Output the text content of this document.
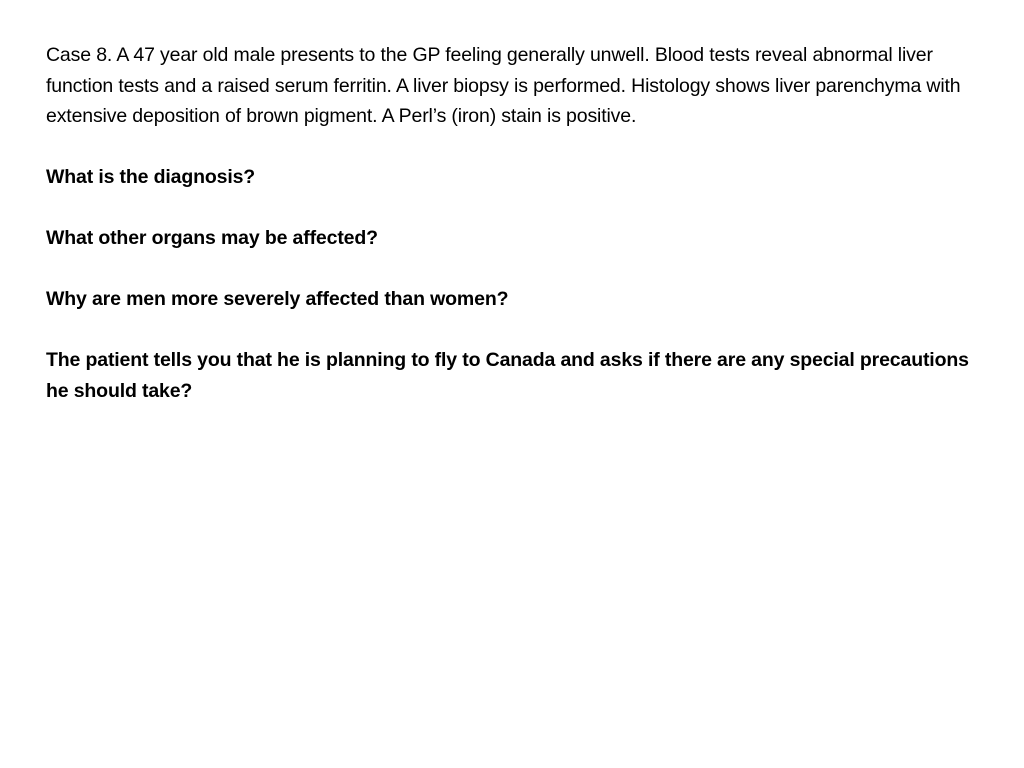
Case 8. A 47 year old male presents to the GP feeling generally unwell. Blood tests reveal abnormal liver function tests and a raised serum ferritin. A liver biopsy is performed. Histology shows liver parenchyma with extensive deposition of brown pigment. A Perl’s (iron) stain is positive.

What is the diagnosis?

What other organs may be affected?

Why are men more severely affected than women?

The patient tells you that he is planning to fly to Canada and asks if there are any special precautions he should take?
